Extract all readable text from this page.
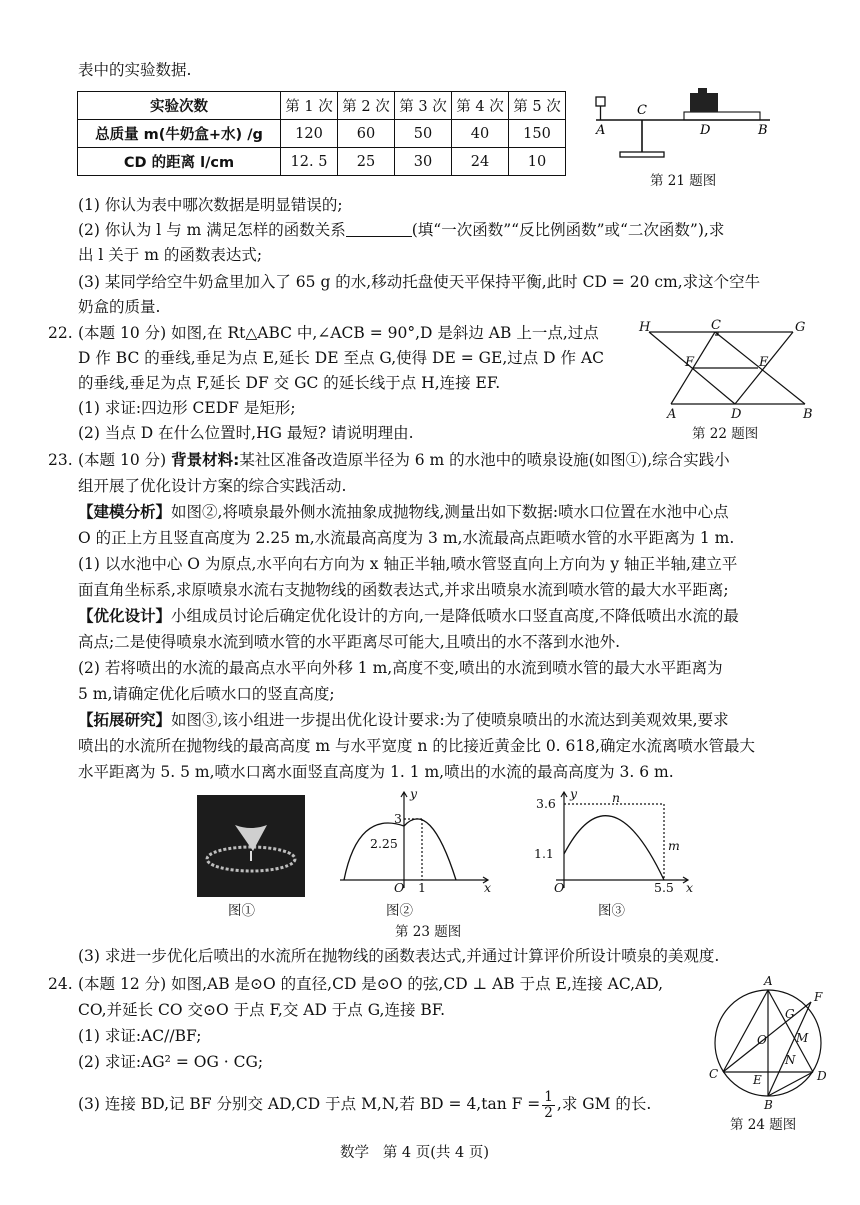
表中的实验数据.
实验次数	第 1 次	第 2 次	第 3 次	第 4 次	第 5 次
总质量 m(牛奶盒+水) /g	120	60	50	40	150
CD 的距离 l/cm	12. 5	25	30	24	10
A
C
D	B
第 21 题图
(1) 你认为表中哪次数据是明显错误的;
(2) 你认为 l 与 m 满足怎样的函数关系	(填“一次函数”“反比例函数”或“二次函数”),求
出 l 关于 m 的函数表达式;
(3) 某同学给空牛奶盒里加入了 65 g 的水,移动托盘使天平保持平衡,此时 CD = 20 cm,求这个空牛
奶盒的质量.
22. (本题 10 分) 如图,在 Rt△ABC 中,∠ACB = 90°,D 是斜边 AB 上一点,过点
D 作 BC 的垂线,垂足为点 E,延长 DE 至点 G,使得 DE = GE,过点 D 作 AC
的垂线,垂足为点 F,延长 DF 交 GC 的延长线于点 H,连接 EF.
(1) 求证:四边形 CEDF 是矩形;
(2) 当点 D 在什么位置时,HG 最短? 请说明理由.
H	C	G
F	E
A	D	B
第 22 题图
23. (本题 10 分) 背景材料:某社区准备改造原半径为 6 m 的水池中的喷泉设施(如图①),综合实践小
组开展了优化设计方案的综合实践活动.
【建模分析】如图②,将喷泉最外侧水流抽象成抛物线,测量出如下数据:喷水口位置在水池中心点
O 的正上方且竖直高度为 2.25 m,水流最高高度为 3 m,水流最高点距喷水管的水平距离为 1 m.
(1) 以水池中心 O 为原点,水平向右方向为 x 轴正半轴,喷水管竖直向上方向为 y 轴正半轴,建立平
面直角坐标系,求原喷泉水流右支抛物线的函数表达式,并求出喷泉水流到喷水管的最大水平距离;
【优化设计】小组成员讨论后确定优化设计的方向,一是降低喷水口竖直高度,不降低喷出水流的最
高点;二是使得喷泉水流到喷水管的水平距离尽可能大,且喷出的水不落到水池外.
(2) 若将喷出的水流的最高点水平向外移 1 m,高度不变,喷出的水流到喷水管的最大水平距离为
5 m,请确定优化后喷水口的竖直高度;
【拓展研究】如图③,该小组进一步提出优化设计要求:为了使喷泉喷出的水流达到美观效果,要求
喷出的水流所在抛物线的最高高度 m 与水平宽度 n 的比接近黄金比 0. 618,确定水流离喷水管最大
水平距离为 5. 5 m,喷水口离水面竖直高度为 1. 1 m,喷出的水流的最高高度为 3. 6 m.
图①
y
3
2.25
O 1	x
图②
y
3.6	n
1.1
m
O	5.5 x
图③
第 23 题图
(3) 求进一步优化后喷出的水流所在抛物线的函数表达式,并通过计算评价所设计喷泉的美观度.
24. (本题 12 分) 如图,AB 是⊙O 的直径,CD 是⊙O 的弦,CD ⊥ AB 于点 E,连接 AC,AD,
CO,并延长 CO 交⊙O 于点 F,交 AD 于点 G,连接 BF.
(1) 求证:AC//BF;
(2) 求证:AG² = OG · CG;
(3) 连接 BD,记 BF 分别交 AD,CD 于点 M,N,若 BD = 4,tan $F = \frac{1}{2}$ ,求 GM 的长.
A
F
G
O M
N
C	E	D
B
第 24 题图
数学   第 4 页(共 4 页)
